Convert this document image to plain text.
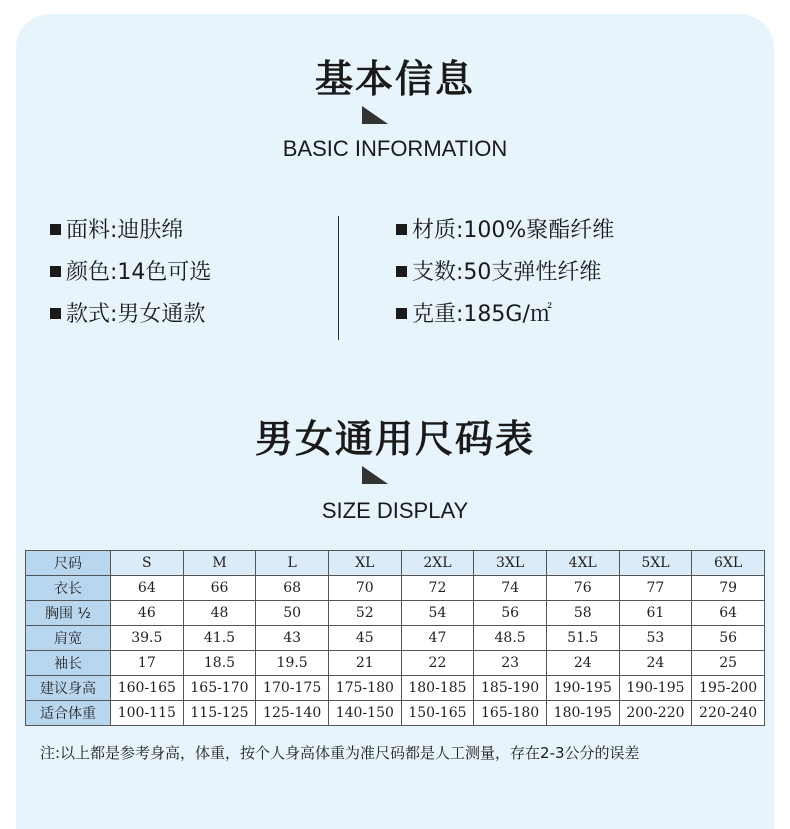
基本信息
BASIC INFORMATION
面料:迪肤绵
颜色:14色可选
款式:男女通款
材质:100%聚酯纤维
支数:50支弹性纤维
克重:185G/㎡
男女通用尺码表
SIZE DISPLAY
尺码	S	M	L	XL	2XL	3XL	4XL	5XL	6XL
衣长	64	66	68	70	72	74	76	77	79
胸围 ½	46	48	50	52	54	56	58	61	64
肩宽	39.5	41.5	43	45	47	48.5	51.5	53	56
袖长	17	18.5	19.5	21	22	23	24	24	25
建议身高	160-165	165-170	170-175	175-180	180-185	185-190	190-195	190-195	195-200
适合体重	100-115	115-125	125-140	140-150	150-165	165-180	180-195	200-220	220-240
注:以上都是参考身高，体重，按个人身高体重为准尺码都是人工测量，存在2-3公分的误差
